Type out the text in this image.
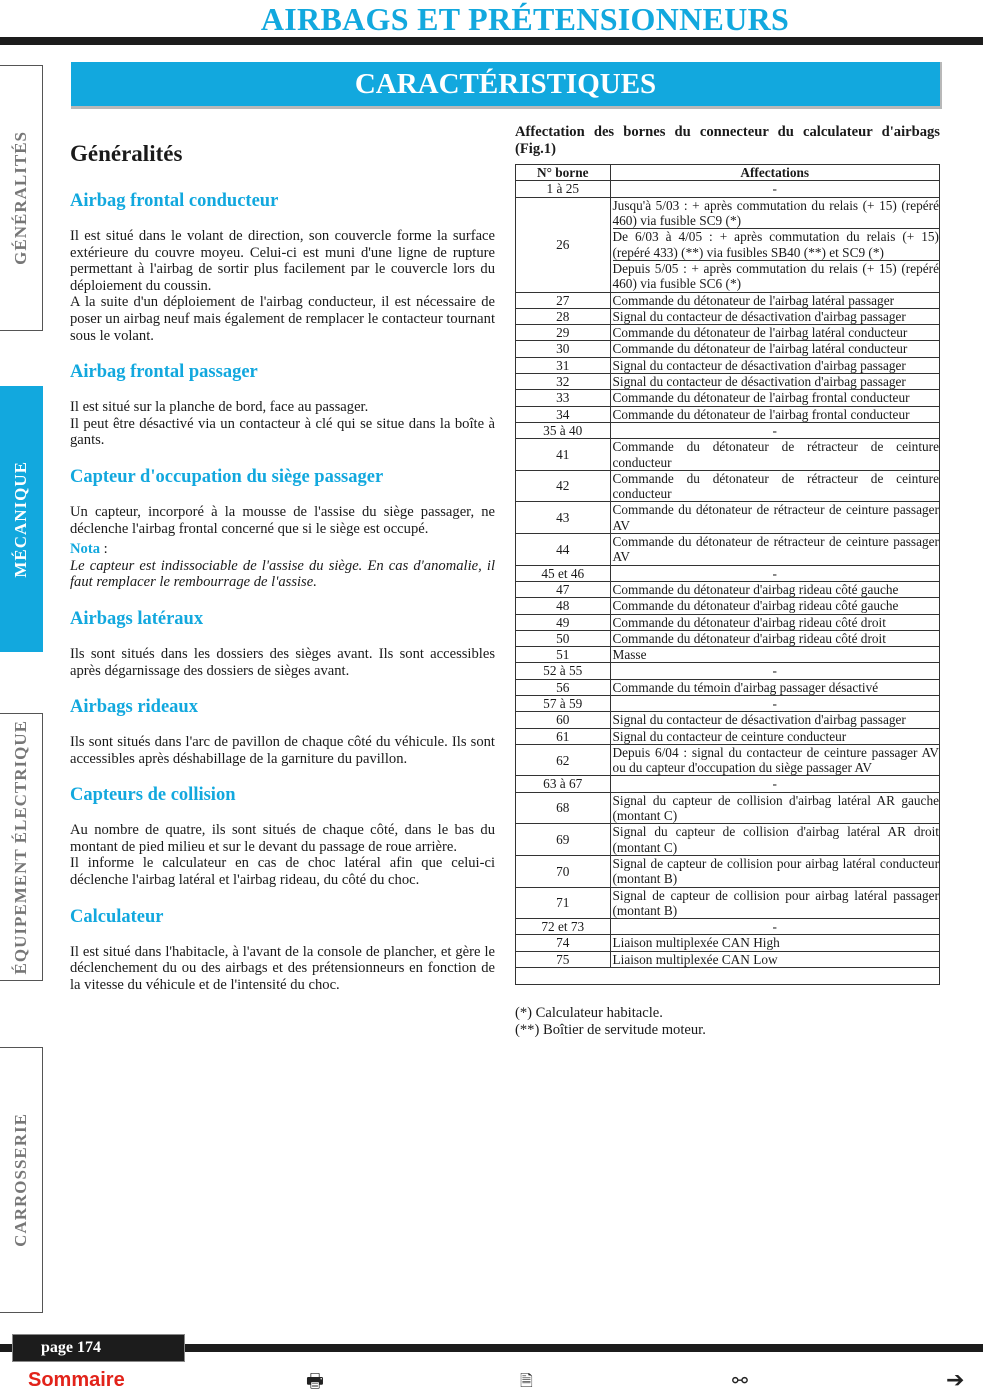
AIRBAGS ET PRÉTENSIONNEURS
CARACTÉRISTIQUES
GÉNÉRALITÉS
MÉCANIQUE
ÉQUIPEMENT ÉLECTRIQUE
CARROSSERIE
Généralités
Airbag frontal conducteur
Il est situé dans le volant de direction, son couvercle forme la surface extérieure du couvre moyeu. Celui-ci est muni d'une ligne de rupture permettant à l'airbag de sortir plus facilement par le couvercle lors du déploiement du coussin.
A la suite d'un déploiement de l'airbag conducteur, il est nécessaire de poser un airbag neuf mais également de remplacer le contacteur tournant sous le volant.
Airbag frontal passager
Il est situé sur la planche de bord, face au passager.
Il peut être désactivé via un contacteur à clé qui se situe dans la boîte à gants.
Capteur d'occupation du siège passager
Un capteur, incorporé à la mousse de l'assise du siège passager, ne déclenche l'airbag frontal concerné que si le siège est occupé.
Nota :
Le capteur est indissociable de l'assise du siège. En cas d'anomalie, il faut remplacer le rembourrage de l'assise.
Airbags latéraux
Ils sont situés dans les dossiers des sièges avant. Ils sont accessibles après dégarnissage des dossiers de sièges avant.
Airbags rideaux
Ils sont situés dans l'arc de pavillon de chaque côté du véhicule. Ils sont accessibles après déshabillage de la garniture du pavillon.
Capteurs de collision
Au nombre de quatre, ils sont situés de chaque côté, dans le bas du montant de pied milieu et sur le devant du passage de roue arrière.
Il informe le calculateur en cas de choc latéral afin que celui-ci déclenche l'airbag latéral et l'airbag rideau, du côté du choc.
Calculateur
Il est situé dans l'habitacle, à l'avant de la console de plancher, et gère le déclenchement du ou des airbags et des prétensionneurs en fonction de la vitesse du véhicule et de l'intensité du choc.
Affectation des bornes du connecteur du calculateur d'airbags (Fig.1)
N° borne	Affectations
1 à 25	-
26	Jusqu'à 5/03 : + après commutation du relais (+ 15) (repéré 460) via fusible SC9 (*)
De 6/03 à 4/05 : + après commutation du relais (+ 15) (repéré 433) (**) via fusibles SB40 (**) et SC9 (*)
Depuis 5/05 : + après commutation du relais (+ 15) (repéré 460) via fusible SC6 (*)

27	Commande du détonateur de l'airbag latéral passager
28	Signal du contacteur de désactivation d'airbag passager
29	Commande du détonateur de l'airbag latéral conducteur
30	Commande du détonateur de l'airbag latéral conducteur
31	Signal du contacteur de désactivation d'airbag passager
32	Signal du contacteur de désactivation d'airbag passager
33	Commande du détonateur de l'airbag frontal conducteur
34	Commande du détonateur de l'airbag frontal conducteur
35 à 40	-
41	Commande du détonateur de rétracteur de ceinture conducteur
42	Commande du détonateur de rétracteur de ceinture conducteur
43	Commande du détonateur de rétracteur de ceinture passager AV
44	Commande du détonateur de rétracteur de ceinture passager AV
45 et 46	-
47	Commande du détonateur d'airbag rideau côté gauche
48	Commande du détonateur d'airbag rideau côté gauche
49	Commande du détonateur d'airbag rideau côté droit
50	Commande du détonateur d'airbag rideau côté droit
51	Masse
52 à 55	-
56	Commande du témoin d'airbag passager désactivé
57 à 59	-
60	Signal du contacteur de désactivation d'airbag passager
61	Signal du contacteur de ceinture conducteur
62	Depuis 6/04 : signal du contacteur de ceinture passager AV ou du capteur d'occupation du siège passager AV
63 à 67	-
68	Signal du capteur de collision d'airbag latéral AR gauche (montant C)
69	Signal du capteur de collision d'airbag latéral AR droit (montant C)
70	Signal de capteur de collision pour airbag latéral conducteur (montant B)
71	Signal de capteur de collision pour airbag latéral passager (montant B)
72 et 73	-
74	Liaison multiplexée CAN High
75	Liaison multiplexée CAN Low
(*) Calculateur habitacle.
(**) Boîtier de servitude moteur.
page 174
Sommaire	🖶	🗎	⚯	➔
